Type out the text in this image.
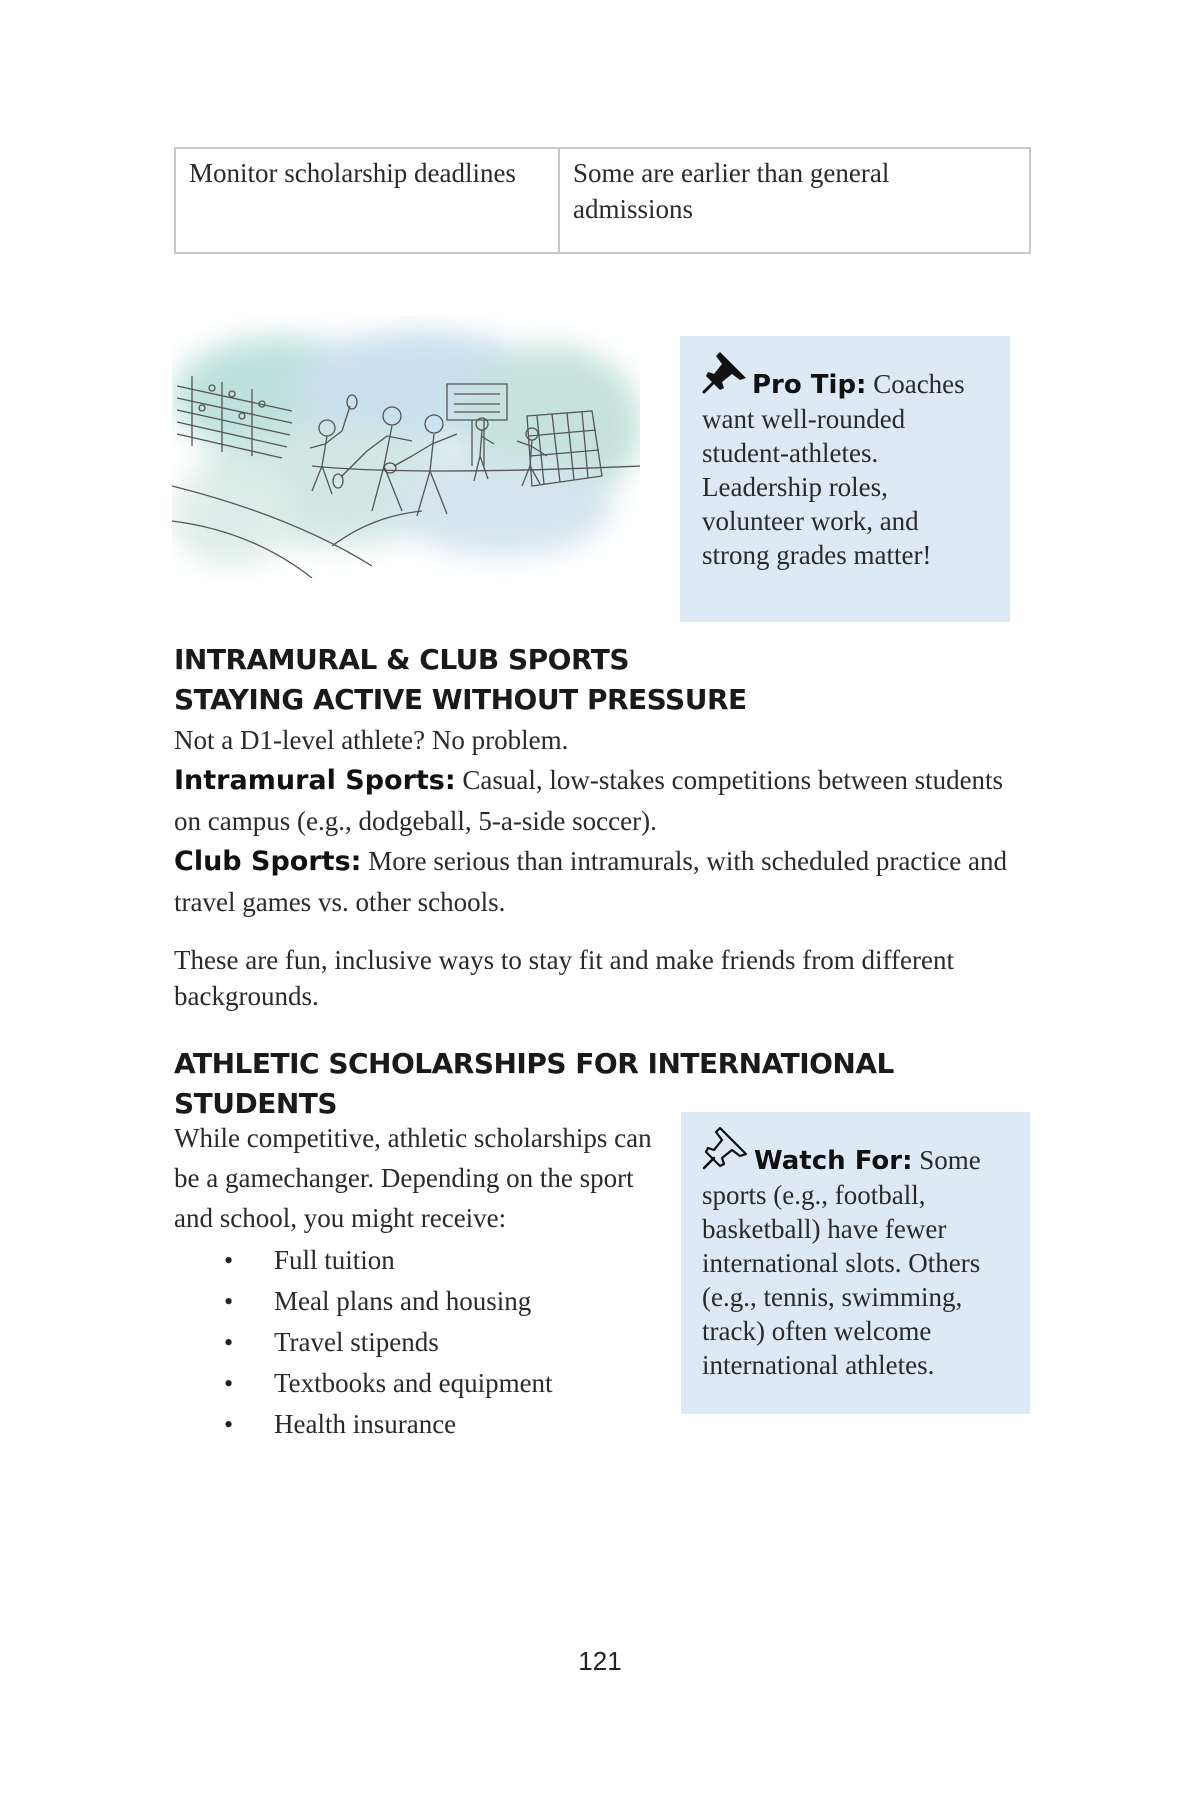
Monitor scholarship deadlines	Some are earlier than general admissions
Pro Tip: Coaches want well-rounded student-athletes. Leadership roles, volunteer work, and strong grades matter!
INTRAMURAL & CLUB SPORTS
STAYING ACTIVE WITHOUT PRESSURE
Not a D1-level athlete? No problem.
Intramural Sports: Casual, low-stakes competitions between students on campus (e.g., dodgeball, 5-a-side soccer).
Club Sports: More serious than intramurals, with scheduled practice and travel games vs. other schools.
These are fun, inclusive ways to stay fit and make friends from different backgrounds.
ATHLETIC SCHOLARSHIPS FOR INTERNATIONAL STUDENTS
While competitive, athletic scholarships can be a gamechanger. Depending on the sport and school, you might receive:
• Full tuition
• Meal plans and housing
• Travel stipends
• Textbooks and equipment
• Health insurance
Watch For: Some sports (e.g., football, basketball) have fewer international slots. Others (e.g., tennis, swimming, track) often welcome international athletes.
121
